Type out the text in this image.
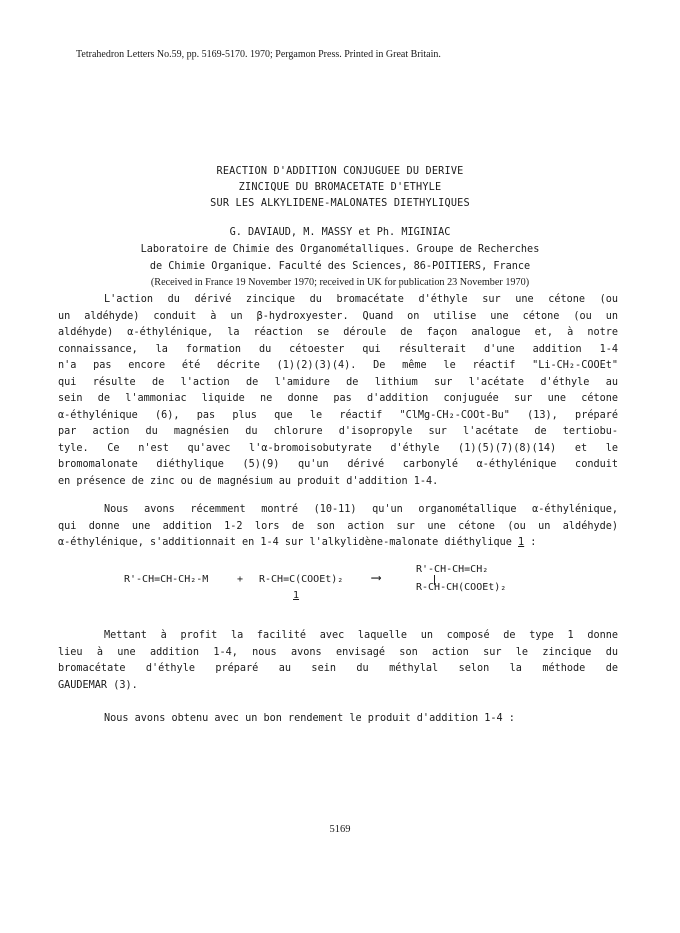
Tetrahedron Letters No.59, pp. 5169-5170. 1970; Pergamon Press. Printed in Great Britain.
REACTION D'ADDITION CONJUGUEE DU DERIVE
ZINCIQUE DU BROMACETATE D'ETHYLE
SUR LES ALKYLIDENE-MALONATES DIETHYLIQUES
G. DAVIAUD, M. MASSY et Ph. MIGINIAC
Laboratoire de Chimie des Organométalliques. Groupe de Recherches
de Chimie Organique. Faculté des Sciences, 86-POITIERS, France
(Received in France 19 November 1970; received in UK for publication 23 November 1970)
L'action du dérivé zincique du bromacétate d'éthyle sur une cétone (ou
un aldéhyde) conduit à un β-hydroxyester. Quand on utilise une cétone (ou un
aldéhyde) α-éthylénique, la réaction se déroule de façon analogue et, à notre
connaissance, la formation du cétoester qui résulterait d'une addition 1-4
n'a pas encore été décrite (1)(2)(3)(4). De même le réactif "Li-CH₂-COOEt"
qui résulte de l'action de l'amidure de lithium sur l'acétate d'éthyle au
sein de l'ammoniac liquide ne donne pas d'addition conjuguée sur une cétone
α-éthylénique (6), pas plus que le réactif "ClMg-CH₂-COOt-Bu" (13), préparé
par action du magnésien du chlorure d'isopropyle sur l'acétate de tertiobu-
tyle. Ce n'est qu'avec l'α-bromoisobutyrate d'éthyle (1)(5)(7)(8)(14) et le
bromomalonate diéthylique (5)(9) qu'un dérivé carbonylé α-éthylénique conduit
en présence de zinc ou de magnésium au produit d'addition 1-4.
Nous avons récemment montré (10-11) qu'un organométallique α-éthylénique,
qui donne une addition 1-2 lors de son action sur une cétone (ou un aldéhyde)
α-éthylénique, s'additionnait en 1-4 sur l'alkylidène-malonate diéthylique 1 :
R'-CH=CH-CH₂-M	+ R-CH=C(COOEt)₂
1
⟶
R'-CH-CH=CH₂
R-CH-CH(COOEt)₂
Mettant à profit la facilité avec laquelle un composé de type 1 donne
lieu à une addition 1-4, nous avons envisagé son action sur le zincique du
bromacétate d'éthyle préparé au sein du méthylal selon la méthode de
GAUDEMAR (3).
Nous avons obtenu avec un bon rendement le produit d'addition 1-4 :
5169
